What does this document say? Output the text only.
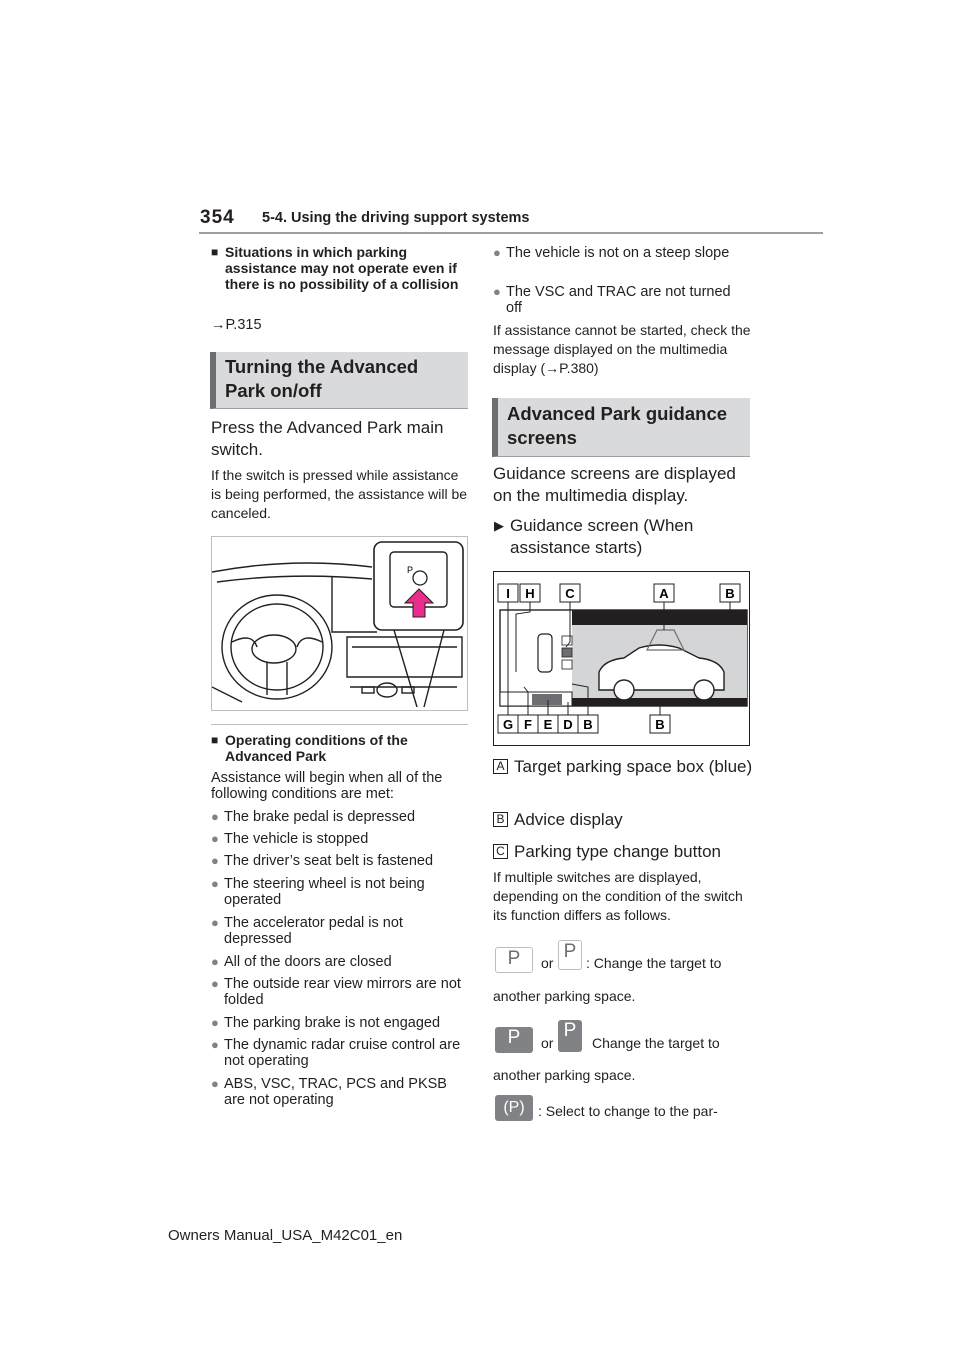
354 5-4. Using the driving support systems
■ Situations in which parking assistance may not operate even if there is no possibility of a collision
→P.315
Turning the Advanced Park on/off
Press the Advanced Park main switch.
If the switch is pressed while assistance is being performed, the assistance will be canceled.
P
■ Operating conditions of the Advanced Park
Assistance will begin when all of the following conditions are met:
● The brake pedal is depressed
● The vehicle is stopped
● The driver’s seat belt is fastened
● The steering wheel is not being operated
● The accelerator pedal is not depressed
● All of the doors are closed
● The outside rear view mirrors are not folded
● The parking brake is not engaged
● The dynamic radar cruise control are not operating
● ABS, VSC, TRAC, PCS and PKSB are not operating
● The vehicle is not on a steep slope
● The VSC and TRAC are not turned off
If assistance cannot be started, check the message displayed on the multimedia display (→P.380)
Advanced Park guidance screens
Guidance screens are displayed on the multimedia display.
▶ Guidance screen (When assistance starts)
I H C	A	B
G F E D B	B
A Target parking space box (blue)
B Advice display
C Parking type change button
If multiple switches are displayed, depending on the condition of the switch its function differs as follows.
P	or
P
: Change the target to
another parking space.
P	or
P
Change the target to
another parking space.
(P) : Select to change to the par-
Owners Manual_USA_M42C01_en
